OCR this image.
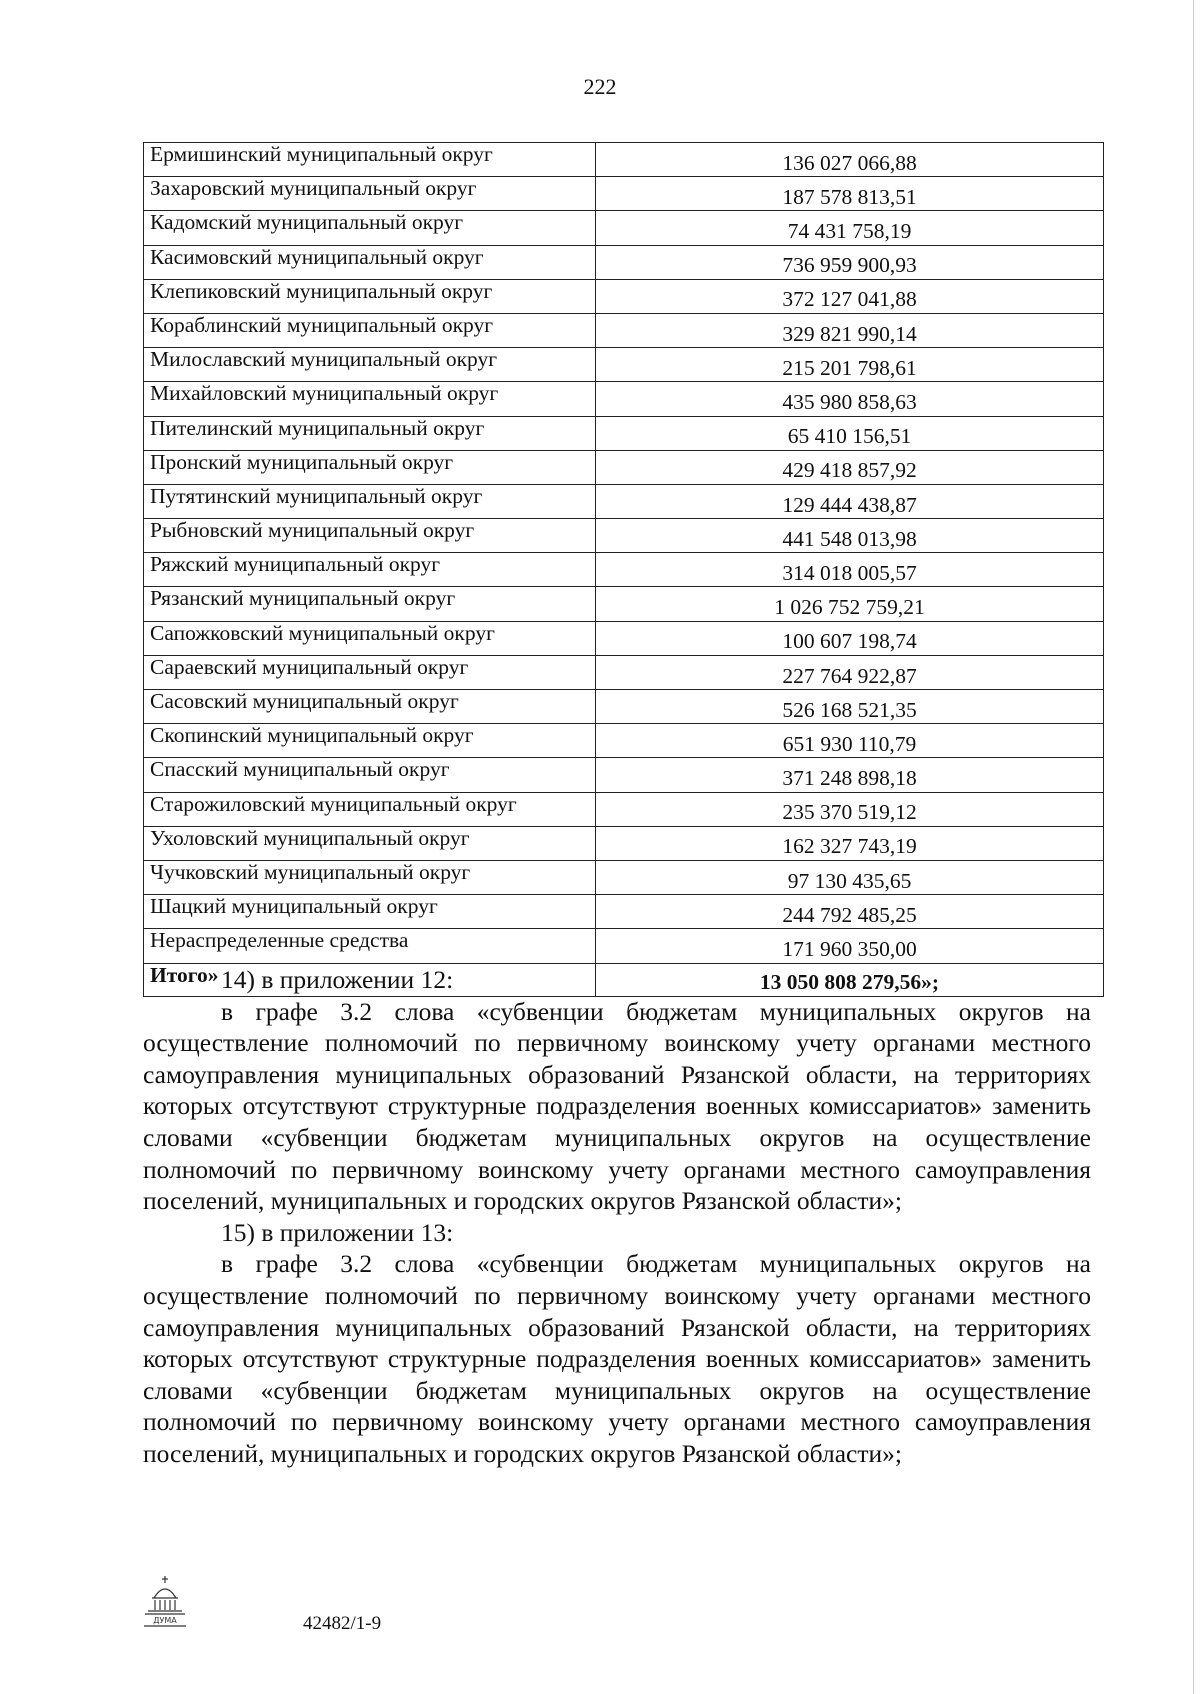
222
Ермишинский муниципальный округ	136 027 066,88
Захаровский муниципальный округ	187 578 813,51
Кадомский муниципальный округ	74 431 758,19
Касимовский муниципальный округ	736 959 900,93
Клепиковский муниципальный округ	372 127 041,88
Кораблинский муниципальный округ	329 821 990,14
Милославский муниципальный округ	215 201 798,61
Михайловский муниципальный округ	435 980 858,63
Пителинский муниципальный округ	65 410 156,51
Пронский муниципальный округ	429 418 857,92
Путятинский муниципальный округ	129 444 438,87
Рыбновский муниципальный округ	441 548 013,98
Ряжский муниципальный округ	314 018 005,57
Рязанский муниципальный округ	1 026 752 759,21
Сапожковский муниципальный округ	100 607 198,74
Сараевский муниципальный округ	227 764 922,87
Сасовский муниципальный округ	526 168 521,35
Скопинский муниципальный округ	651 930 110,79
Спасский муниципальный округ	371 248 898,18
Старожиловский муниципальный округ	235 370 519,12
Ухоловский муниципальный округ	162 327 743,19
Чучковский муниципальный округ	97 130 435,65
Шацкий муниципальный округ	244 792 485,25
Нераспределенные средства	171 960 350,00
Итого»	13 050 808 279,56»;

14) в приложении 12:

в графе 3.2 слова «субвенции бюджетам муниципальных округов на осуществление полномочий по первичному воинскому учету органами местного самоуправления муниципальных образований Рязанской области, на территориях которых отсутствуют структурные подразделения военных комиссариатов» заменить словами «субвенции бюджетам муниципальных округов на осуществление полномочий по первичному воинскому учету органами местного самоуправления поселений, муниципальных и городских округов Рязанской области»;

15) в приложении 13:

в графе 3.2 слова «субвенции бюджетам муниципальных округов на осуществление полномочий по первичному воинскому учету органами местного самоуправления муниципальных образований Рязанской области, на территориях которых отсутствуют структурные подразделения военных комиссариатов» заменить словами «субвенции бюджетам муниципальных округов на осуществление полномочий по первичному воинскому учету органами местного самоуправления поселений, муниципальных и городских округов Рязанской области»;

ДУМА	42482/1-9
